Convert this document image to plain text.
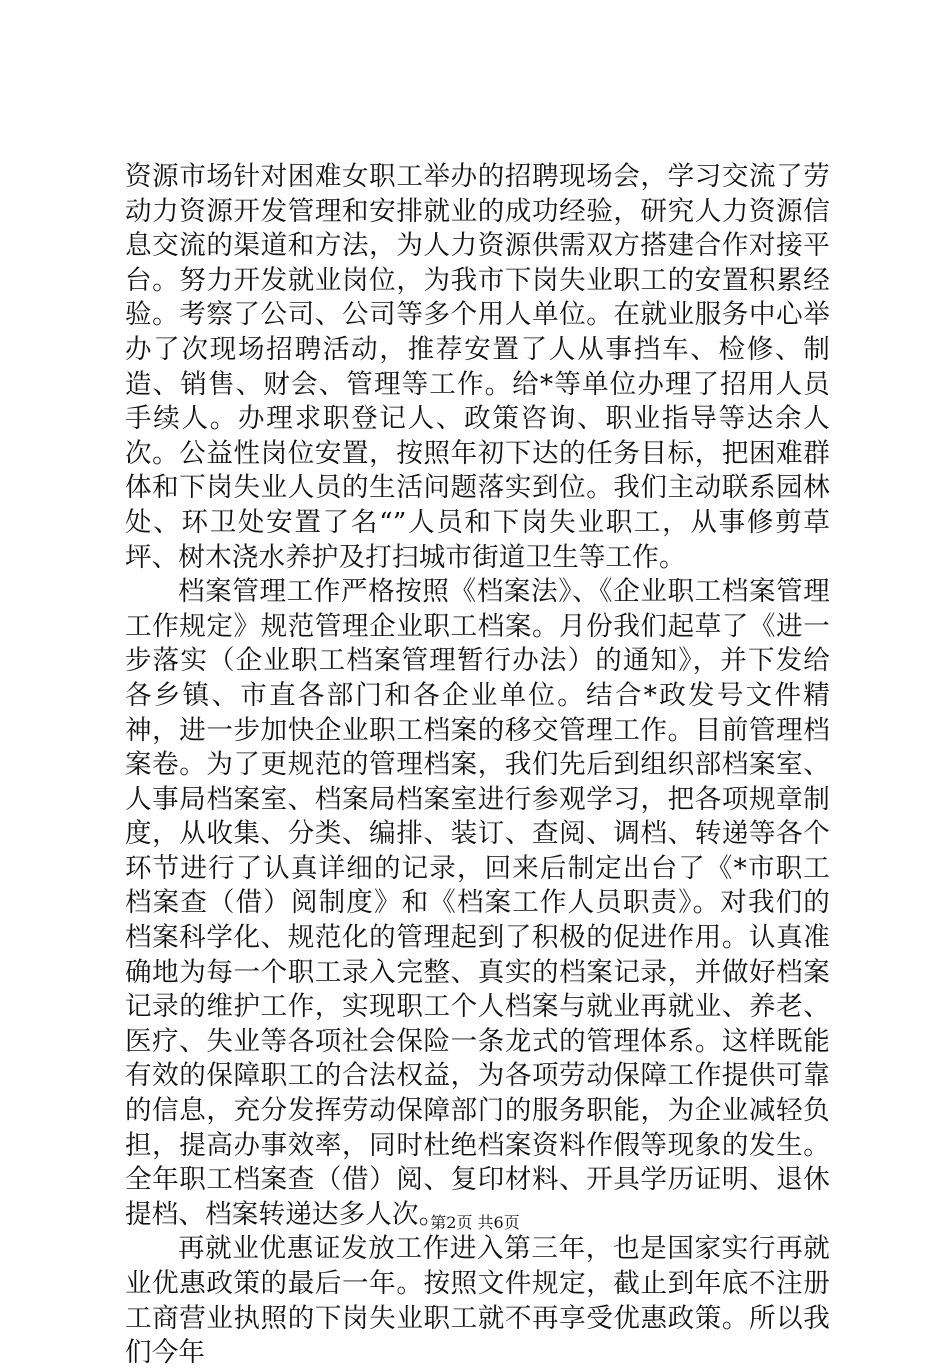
资源市场针对困难女职工举办的招聘现场会，学习交流了劳动力资源开发管理和安排就业的成功经验，研究人力资源信息交流的渠道和方法，为人力资源供需双方搭建合作对接平台。努力开发就业岗位，为我市下岗失业职工的安置积累经验。考察了公司、公司等多个用人单位。在就业服务中心举办了次现场招聘活动，推荐安置了人从事挡车、检修、制造、销售、财会、管理等工作。给*等单位办理了招用人员手续人。办理求职登记人、政策咨询、职业指导等达余人次。公益性岗位安置，按照年初下达的任务目标，把困难群体和下岗失业人员的生活问题落实到位。我们主动联系园林处、环卫处安置了名“”人员和下岗失业职工，从事修剪草坪、树木浇水养护及打扫城市街道卫生等工作。

档案管理工作严格按照《档案法》、《企业职工档案管理工作规定》规范管理企业职工档案。月份我们起草了《进一步落实（企业职工档案管理暂行办法）的通知》，并下发给各乡镇、市直各部门和各企业单位。结合*政发号文件精神，进一步加快企业职工档案的移交管理工作。目前管理档案卷。为了更规范的管理档案，我们先后到组织部档案室、人事局档案室、档案局档案室进行参观学习，把各项规章制度，从收集、分类、编排、装订、查阅、调档、转递等各个环节进行了认真详细的记录，回来后制定出台了《*市职工档案查（借）阅制度》和《档案工作人员职责》。对我们的档案科学化、规范化的管理起到了积极的促进作用。认真准确地为每一个职工录入完整、真实的档案记录，并做好档案记录的维护工作，实现职工个人档案与就业再就业、养老、医疗、失业等各项社会保险一条龙式的管理体系。这样既能有效的保障职工的合法权益，为各项劳动保障工作提供可靠的信息，充分发挥劳动保障部门的服务职能，为企业减轻负担，提高办事效率，同时杜绝档案资料作假等现象的发生。全年职工档案查（借）阅、复印材料、开具学历证明、退休提档、档案转递达多人次。

再就业优惠证发放工作进入第三年，也是国家实行再就业优惠政策的最后一年。按照文件规定，截止到年底不注册工商营业执照的下岗失业职工就不再享受优惠政策。所以我们今年

第2页 共6页
